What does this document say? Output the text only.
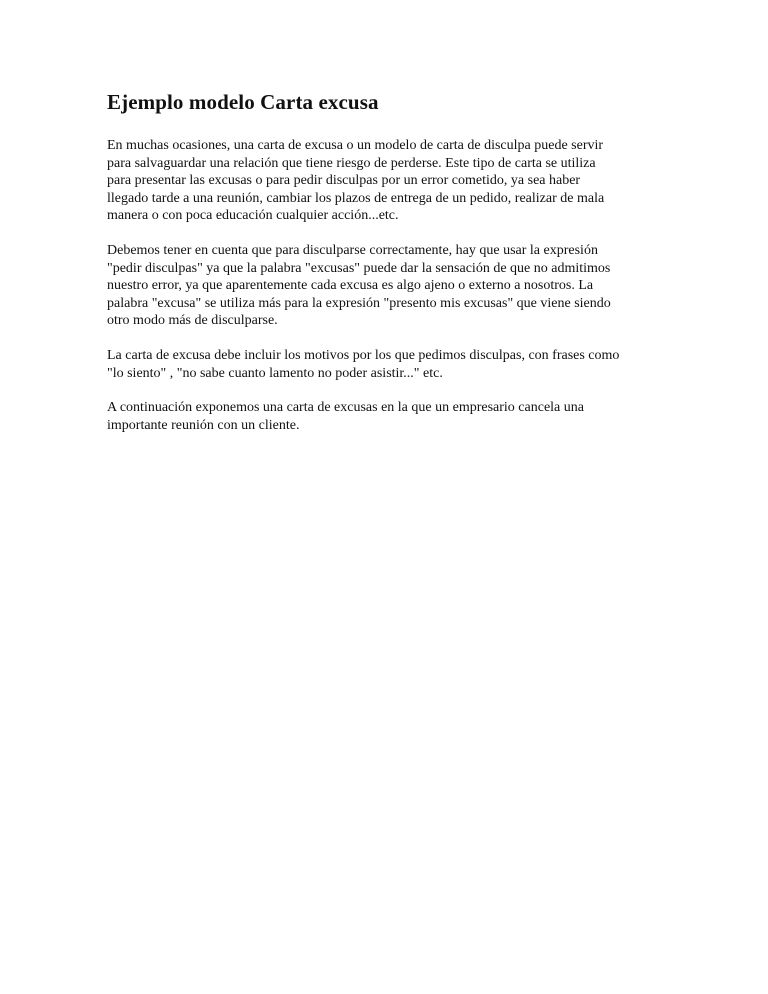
Ejemplo modelo Carta excusa

En muchas ocasiones, una carta de excusa o un modelo de carta de disculpa puede servir
para salvaguardar una relación que tiene riesgo de perderse. Este tipo de carta se utiliza
para presentar las excusas o para pedir disculpas por un error cometido, ya sea haber
llegado tarde a una reunión, cambiar los plazos de entrega de un pedido, realizar de mala
manera o con poca educación cualquier acción...etc.

Debemos tener en cuenta que para disculparse correctamente, hay que usar la expresión
"pedir disculpas" ya que la palabra "excusas" puede dar la sensación de que no admitimos
nuestro error, ya que aparentemente cada excusa es algo ajeno o externo a nosotros. La
palabra "excusa" se utiliza más para la expresión "presento mis excusas" que viene siendo
otro modo más de disculparse.

La carta de excusa debe incluir los motivos por los que pedimos disculpas, con frases como
"lo siento" , "no sabe cuanto lamento no poder asistir..." etc.

A continuación exponemos una carta de excusas en la que un empresario cancela una
importante reunión con un cliente.
